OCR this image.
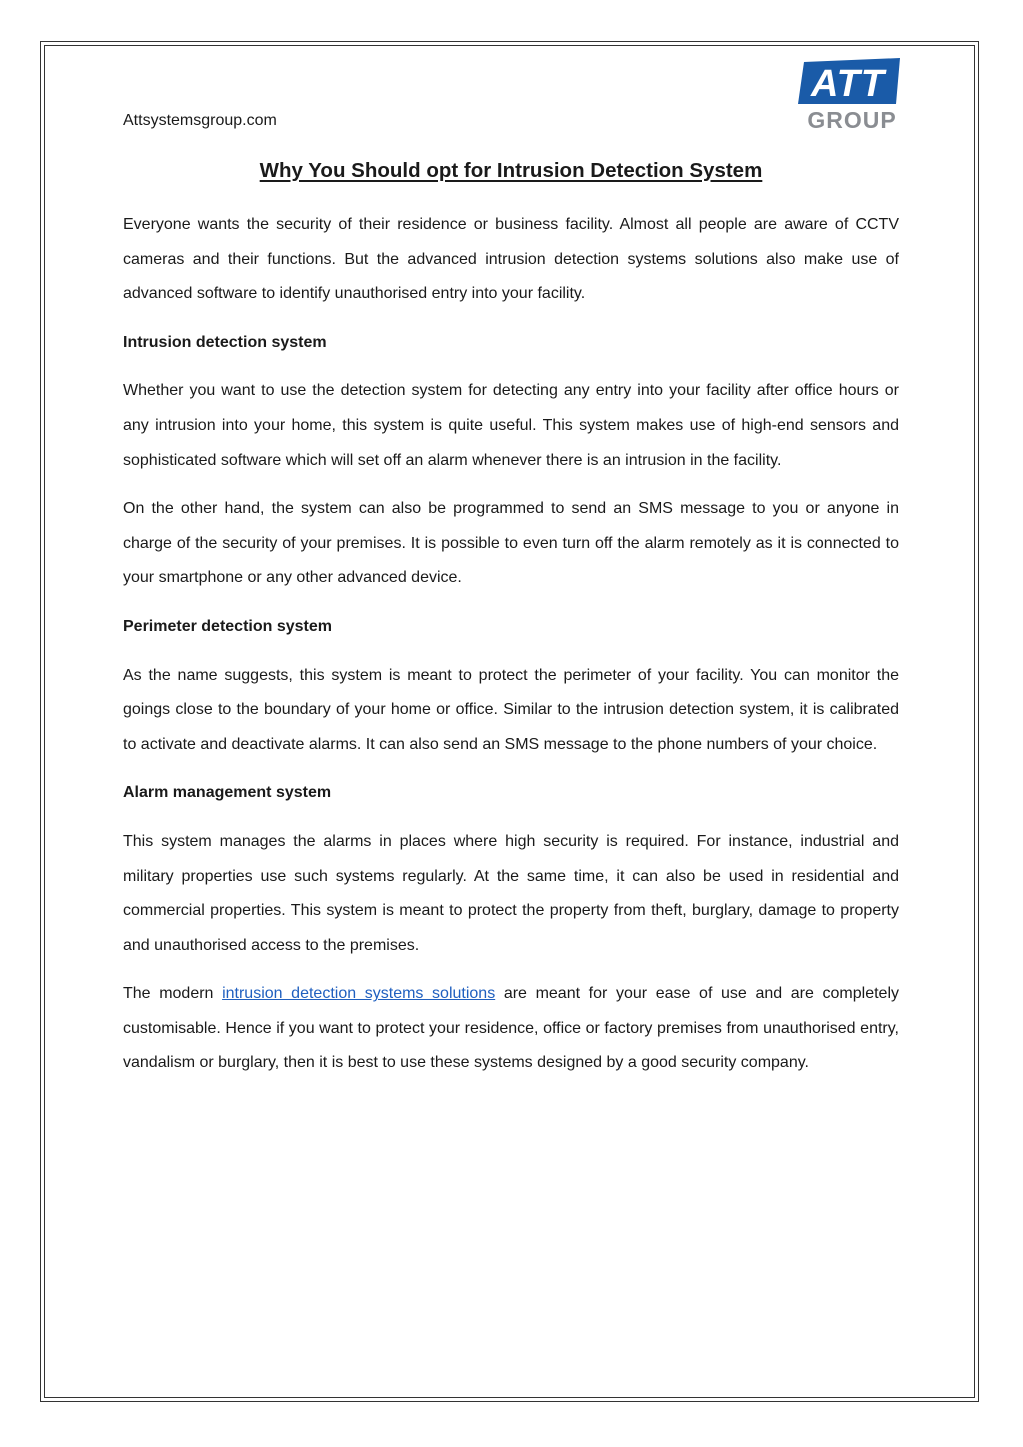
Attsystemsgroup.com
ATT
GROUP
Why You Should opt for Intrusion Detection System

Everyone wants the security of their residence or business facility. Almost all people are aware of CCTV cameras and their functions. But the advanced intrusion detection systems solutions also make use of advanced software to identify unauthorised entry into your facility.

Intrusion detection system

Whether you want to use the detection system for detecting any entry into your facility after office hours or any intrusion into your home, this system is quite useful. This system makes use of high-end sensors and sophisticated software which will set off an alarm whenever there is an intrusion in the facility.

On the other hand, the system can also be programmed to send an SMS message to you or anyone in charge of the security of your premises. It is possible to even turn off the alarm remotely as it is connected to your smartphone or any other advanced device.

Perimeter detection system

As the name suggests, this system is meant to protect the perimeter of your facility. You can monitor the goings close to the boundary of your home or office. Similar to the intrusion detection system, it is calibrated to activate and deactivate alarms. It can also send an SMS message to the phone numbers of your choice.

Alarm management system

This system manages the alarms in places where high security is required. For instance, industrial and military properties use such systems regularly. At the same time, it can also be used in residential and commercial properties. This system is meant to protect the property from theft, burglary, damage to property and unauthorised access to the premises.

The modern intrusion detection systems solutions are meant for your ease of use and are completely customisable. Hence if you want to protect your residence, office or factory premises from unauthorised entry, vandalism or burglary, then it is best to use these systems designed by a good security company.
